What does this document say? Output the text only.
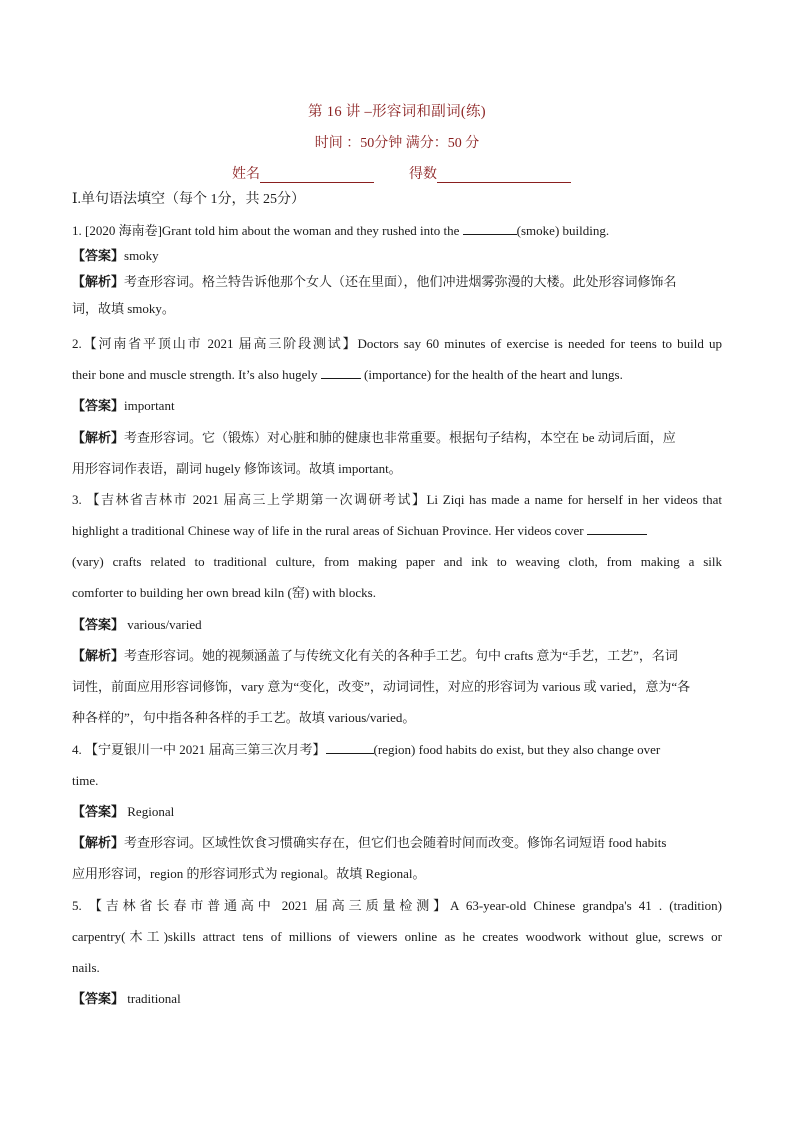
第 16 讲 –形容词和副词(练)
时间 ：50分钟 满分：50 分
姓名	得数
Ⅰ.单句语法填空（每个 1分，共 25分）
1. [2020 海南卷]Grant told him about the woman and they rushed into the	(smoke) building.
【答案】smoky
【解析】考查形容词。格兰特告诉他那个女人（还在里面），他们冲进烟雾弥漫的大楼。此处形容词修饰名
词，故填 smoky。
2.【河南省平顶山市 2021 届高三阶段测试】Doctors say 60 minutes of exercise is needed for teens to build up
their bone and muscle strength. It’s also hugely	(importance) for the health of the heart and lungs.
【答案】important
【解析】考查形容词。它（锻炼）对心脏和肺的健康也非常重要。根据句子结构，本空在 be 动词后面，应
用形容词作表语，副词 hugely 修饰该词。故填 important。
3. 【吉林省吉林市 2021 届高三上学期第一次调研考试】Li Ziqi has made a name for herself in her videos that
highlight a traditional Chinese way of life in the rural areas of Sichuan Province. Her videos cover
(vary) crafts related to traditional culture, from making paper and ink to weaving cloth, from making a silk
comforter to building her own bread kiln (窑) with blocks.
【答案】 various/varied
【解析】考查形容词。她的视频涵盖了与传统文化有关的各种手工艺。句中 crafts 意为“手艺，工艺”，名词
词性，前面应用形容词修饰，vary 意为“变化，改变”，动词词性，对应的形容词为 various 或 varied，意为“各
种各样的”，句中指各种各样的手工艺。故填 various/varied。
4. 【宁夏银川一中 2021 届高三第三次月考】	(region) food habits do exist, but they also change over
time.
【答案】 Regional
【解析】考查形容词。区域性饮食习惯确实存在，但它们也会随着时间而改变。修饰名词短语 food habits
应用形容词，region 的形容词形式为 regional。故填 Regional。
5. 【吉林省长春市普通高中 2021 届高三质量检测】A 63-year-old Chinese grandpa's 41 . (tradition)
carpentry(木工)skills attract tens of millions of viewers online as he creates woodwork without glue, screws or
nails.
【答案】 traditional
